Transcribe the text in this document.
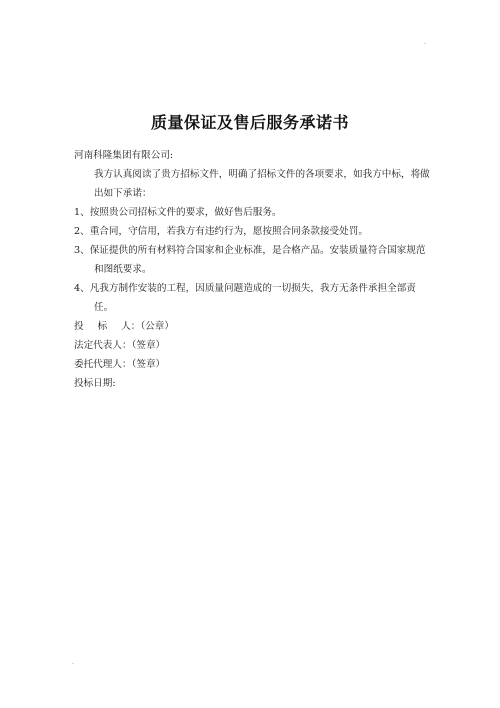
.
质量保证及售后服务承诺书

河南科隆集团有限公司:

我方认真阅读了贵方招标文件，明确了招标文件的各项要求，如我方中标，将做出如下承诺：

1、按照贵公司招标文件的要求，做好售后服务。

2、重合同，守信用，若我方有违约行为，愿按照合同条款接受处罚。

3、保证提供的所有材料符合国家和企业标准，是合格产品。安装质量符合国家规范和图纸要求。

4、凡我方制作安装的工程，因质量问题造成的一切损失，我方无条件承担全部责任。

投 标 人：（公章）

法定代表人：（签章）

委托代理人：（签章）

投标日期:

.
